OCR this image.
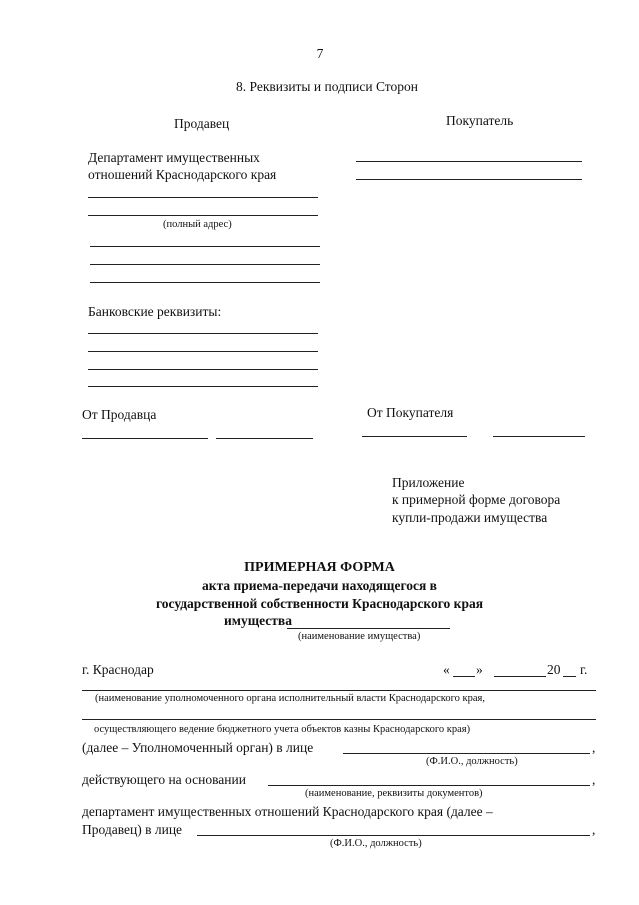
7
8. Реквизиты и подписи Сторон
Продавец
Департамент имущественных
отношений Краснодарского края
(полный адрес)
Банковские реквизиты:
От Продавца
Покупатель
От Покупателя
Приложение
к примерной форме договора
купли-продажи имущества
ПРИМЕРНАЯ ФОРМА
акта приема-передачи находящегося в
государственной собственности Краснодарского края
имущества
(наименование имущества)
г. Краснодар	« »	20 г.
(наименование уполномоченного органа исполнительный власти Краснодарского края,
осуществляющего ведение бюджетного учета объектов казны Краснодарского края)
(далее – Уполномоченный орган) в лице	,
(Ф.И.О., должность)
действующего на основании	,
(наименование, реквизиты документов)
департамент имущественных отношений Краснодарского края (далее –
Продавец) в лице	,
(Ф.И.О., должность)
